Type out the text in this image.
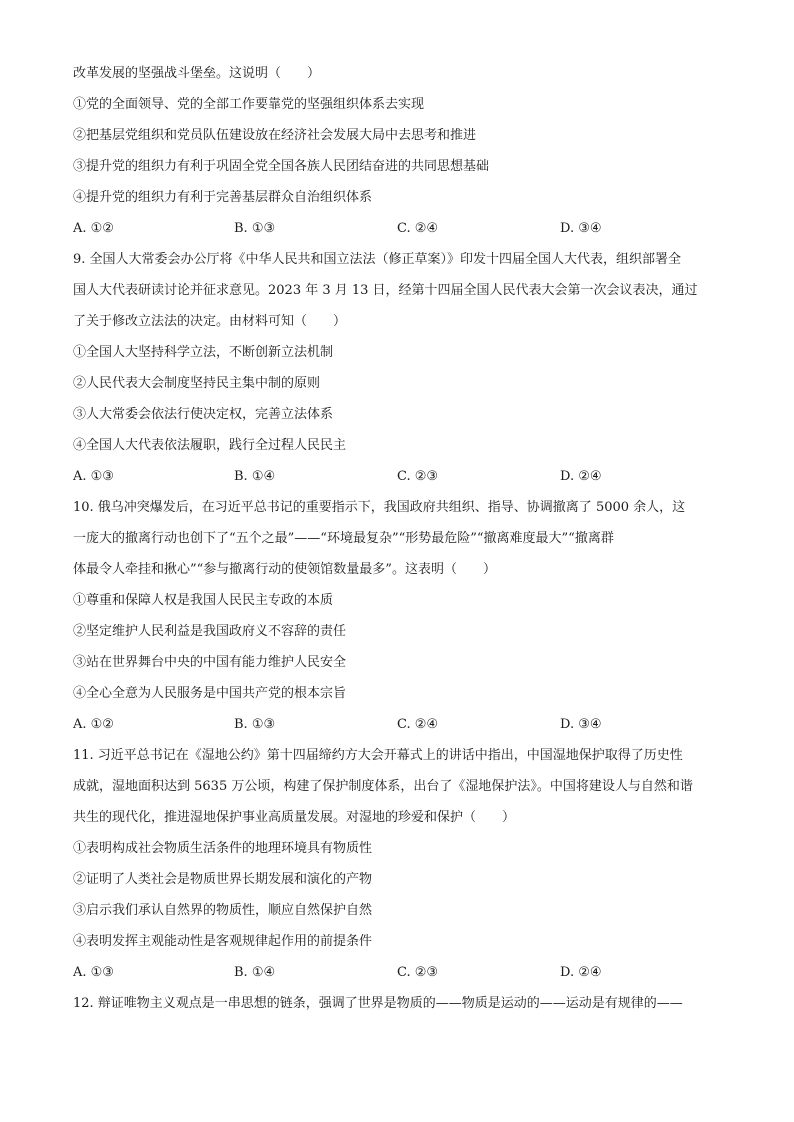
改革发展的坚强战斗堡垒。这说明（　　）
①党的全面领导、党的全部工作要靠党的坚强组织体系去实现
②把基层党组织和党员队伍建设放在经济社会发展大局中去思考和推进
③提升党的组织力有利于巩固全党全国各族人民团结奋进的共同思想基础
④提升党的组织力有利于完善基层群众自治组织体系
A. ①②	B. ①③	C. ②④	D. ③④
9. 全国人大常委会办公厅将《中华人民共和国立法法（修正草案）》印发十四届全国人大代表，组织部署全
国人大代表研读讨论并征求意见。2023 年 3 月 13 日，经第十四届全国人民代表大会第一次会议表决，通过
了关于修改立法法的决定。由材料可知（　　）
①全国人大坚持科学立法，不断创新立法机制
②人民代表大会制度坚持民主集中制的原则
③人大常委会依法行使决定权，完善立法体系
④全国人大代表依法履职，践行全过程人民民主
A. ①③	B. ①④	C. ②③	D. ②④
10. 俄乌冲突爆发后，在习近平总书记的重要指示下，我国政府共组织、指导、协调撤离了 5000 余人，这
一庞大的撤离行动也创下了“五个之最”——“环境最复杂”“形势最危险”“撤离难度最大”“撤离群
体最令人牵挂和揪心”“参与撤离行动的使领馆数量最多”。这表明（　　）
①尊重和保障人权是我国人民民主专政的本质
②坚定维护人民利益是我国政府义不容辞的责任
③站在世界舞台中央的中国有能力维护人民安全
④全心全意为人民服务是中国共产党的根本宗旨
A. ①②	B. ①③	C. ②④	D. ③④
11. 习近平总书记在《湿地公约》第十四届缔约方大会开幕式上的讲话中指出，中国湿地保护取得了历史性
成就，湿地面积达到 5635 万公顷，构建了保护制度体系，出台了《湿地保护法》。中国将建设人与自然和谐
共生的现代化，推进湿地保护事业高质量发展。对湿地的珍爱和保护（　　）
①表明构成社会物质生活条件的地理环境具有物质性
②证明了人类社会是物质世界长期发展和演化的产物
③启示我们承认自然界的物质性，顺应自然保护自然
④表明发挥主观能动性是客观规律起作用的前提条件
A. ①③	B. ①④	C. ②③	D. ②④
12. 辩证唯物主义观点是一串思想的链条，强调了世界是物质的——物质是运动的——运动是有规律的——
